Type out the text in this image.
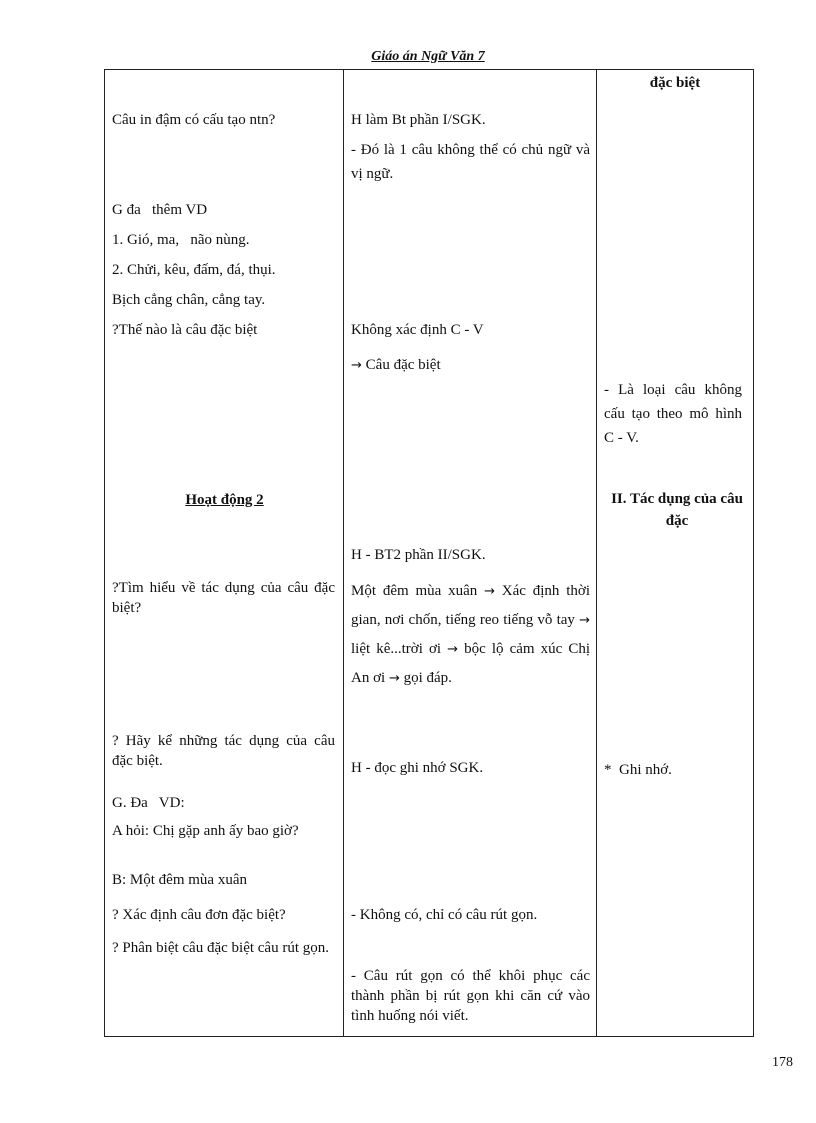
Giáo án Ngữ Văn 7
Câu in đậm có cấu tạo ntn?
G đa   thêm VD
1. Gió, ma,   não nùng.
2. Chửi, kêu, đấm, đá, thụi.
Bịch cẳng chân, cẳng tay.
?Thế nào là câu đặc biệt
Hoạt động 2
?Tìm hiểu về tác dụng của câu đặc biệt?
? Hãy kể những tác dụng của câu đặc biệt.
G. Đa   VD:
A hỏi: Chị gặp anh ấy bao giờ?
B: Một đêm mùa xuân
? Xác định câu đơn đặc biệt?
? Phân biệt câu đặc biệt câu rút gọn.
H làm Bt phần I/SGK.
- Đó là 1 câu không thể có chủ ngữ và vị ngữ.
Không xác định C - V
→ Câu đặc biệt
H - BT2 phần II/SGK.
Một đêm mùa xuân → Xác định thời gian, nơi chốn, tiếng reo tiếng vỗ tay → liệt kê...trời ơi → bộc lộ cảm xúc Chị An ơi → gọi đáp.
H - đọc ghi nhớ SGK.
- Không có, chỉ có câu rút gọn.
- Câu rút gọn có thể khôi phục các thành phần bị rút gọn khi căn cứ vào tình huống nói viết.
đặc biệt
- Là loại câu không cấu tạo theo mô hình C - V.
II. Tác dụng của câu đặc
*  Ghi nhớ.
178
